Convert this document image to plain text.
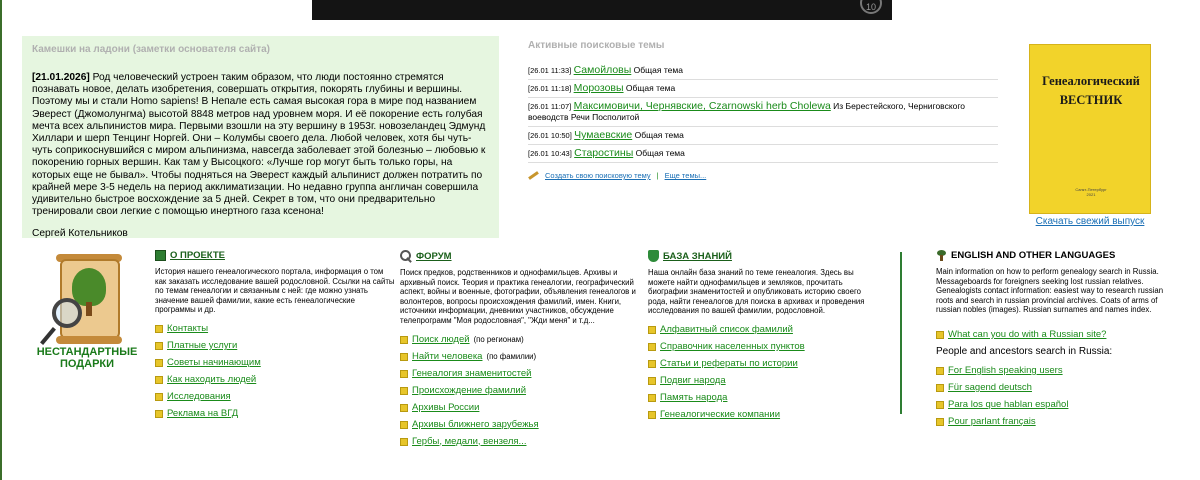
10
Камешки на ладони (заметки основателя сайта)
[21.01.2026] Род человеческий устроен таким образом, что люди постоянно стремятся познавать новое, делать изобретения, совершать открытия, покорять глубины и вершины. Поэтому мы и стали Homo sapiens! В Непале есть самая высокая гора в мире под названием Эверест (Джомолунгма) высотой 8848 метров над уровнем моря. И её покорение есть голубая мечта всех альпинистов мира. Первыми взошли на эту вершину в 1953г. новозеландец Эдмунд Хиллари и шерп Тенцинг Норгей. Они – Колумбы своего дела. Любой человек, хотя бы чуть-чуть соприкоснувшийся с миром альпинизма, навсегда заболевает этой болезнью – любовью к покорению горных вершин. Как там у Высоцкого: «Лучше гор могут быть только горы, на которых еще не бывал». Чтобы подняться на Эверест каждый альпинист должен потратить по крайней мере 3-5 недель на период акклиматизации. Но недавно группа англичан совершила удивительно быстрое восхождение за 5 дней. Секрет в том, что они предварительно тренировали свои легкие с помощью инертного газа ксенона!
Сергей Котельников
Активные поисковые темы
[26.01 11:33] Самойловы Общая тема
[26.01 11:18] Морозовы Общая тема
[26.01 11:07] Максимовичи, Чернявские, Czarnowski herb Cholewa Из Берестейского, Черниговского воеводств Речи Посполитой
[26.01 10:50] Чумаевские Общая тема
[26.01 10:43] Старостины Общая тема
Создать свою поисковую тему | Еще темы...
Генеалогический
ВЕСТНИК
Санкт-Петербург
2021
Скачать свежий выпуск
НЕСТАНДАРТНЫЕ
ПОДАРКИ
О ПРОЕКТЕ
История нашего генеалогического портала, информация о том как заказать исследование вашей родословной. Ссылки на сайты по темам генеалогии и связанным с ней: где можно узнать значение вашей фамилии, какие есть генеалогические программы и др.
Контакты
Платные услуги
Советы начинающим
Как находить людей
Исследования
Реклама на ВГД
ФОРУМ
Поиск предков, родственников и однофамильцев. Архивы и архивный поиск. Теория и практика генеалогии, географический аспект, войны и военные, фотографии, объявления генеалогов и волонтеров, вопросы происхождения фамилий, имен. Книги, источники информации, дневники участников, обсуждение телепрограмм "Моя родословная", "Жди меня" и т.д...
Поиск людей (по регионам)
Найти человека (по фамилии)
Генеалогия знаменитостей
Происхождение фамилий
Архивы России
Архивы ближнего зарубежья
Гербы, медали, вензеля...
БАЗА ЗНАНИЙ
Наша онлайн база знаний по теме генеалогия. Здесь вы можете найти однофамильцев и земляков, прочитать биографии знаменитостей и опубликовать историю своего рода, найти генеалогов для поиска в архивах и проведения исследования по вашей фамилии, родословной.
Алфавитный список фамилий
Справочник населенных пунктов
Статьи и рефераты по истории
Подвиг народа
Память народа
Генеалогические компании
ENGLISH AND OTHER LANGUAGES
Main information on how to perform genealogy search in Russia. Messageboards for foreigners seeking lost russian relatives. Genealogists contact information: easiest way to research russian roots and search in russian provincial archives. Coats of arms of russian nobles (images). Russian surnames and names index.
What can you do with a Russian site?
People and ancestors search in Russia:
For English speaking users
Für sagend deutsch
Para los que hablan español
Pour parlant français
